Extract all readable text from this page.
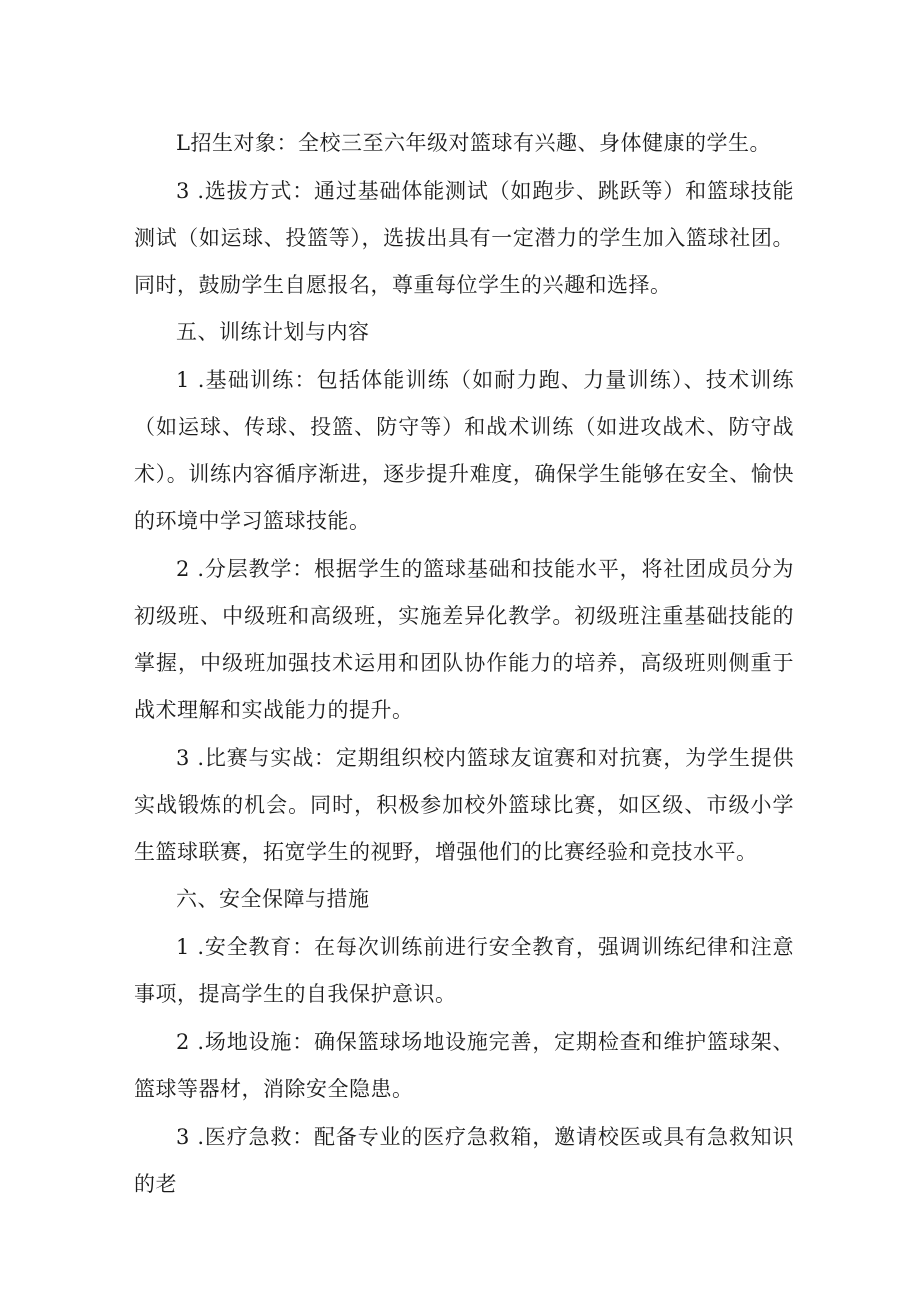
L招生对象：全校三至六年级对篮球有兴趣、身体健康的学生。

3 .选拔方式：通过基础体能测试（如跑步、跳跃等）和篮球技能测试（如运球、投篮等），选拔出具有一定潜力的学生加入篮球社团。同时，鼓励学生自愿报名，尊重每位学生的兴趣和选择。

五、训练计划与内容

1 .基础训练：包括体能训练（如耐力跑、力量训练）、技术训练（如运球、传球、投篮、防守等）和战术训练（如进攻战术、防守战术）。训练内容循序渐进，逐步提升难度，确保学生能够在安全、愉快的环境中学习篮球技能。

2 .分层教学：根据学生的篮球基础和技能水平，将社团成员分为初级班、中级班和高级班，实施差异化教学。初级班注重基础技能的掌握，中级班加强技术运用和团队协作能力的培养，高级班则侧重于战术理解和实战能力的提升。

3 .比赛与实战：定期组织校内篮球友谊赛和对抗赛，为学生提供实战锻炼的机会。同时，积极参加校外篮球比赛，如区级、市级小学生篮球联赛，拓宽学生的视野，增强他们的比赛经验和竞技水平。

六、安全保障与措施

1 .安全教育：在每次训练前进行安全教育，强调训练纪律和注意事项，提高学生的自我保护意识。

2 .场地设施：确保篮球场地设施完善，定期检查和维护篮球架、篮球等器材，消除安全隐患。

3 .医疗急救：配备专业的医疗急救箱，邀请校医或具有急救知识的老
